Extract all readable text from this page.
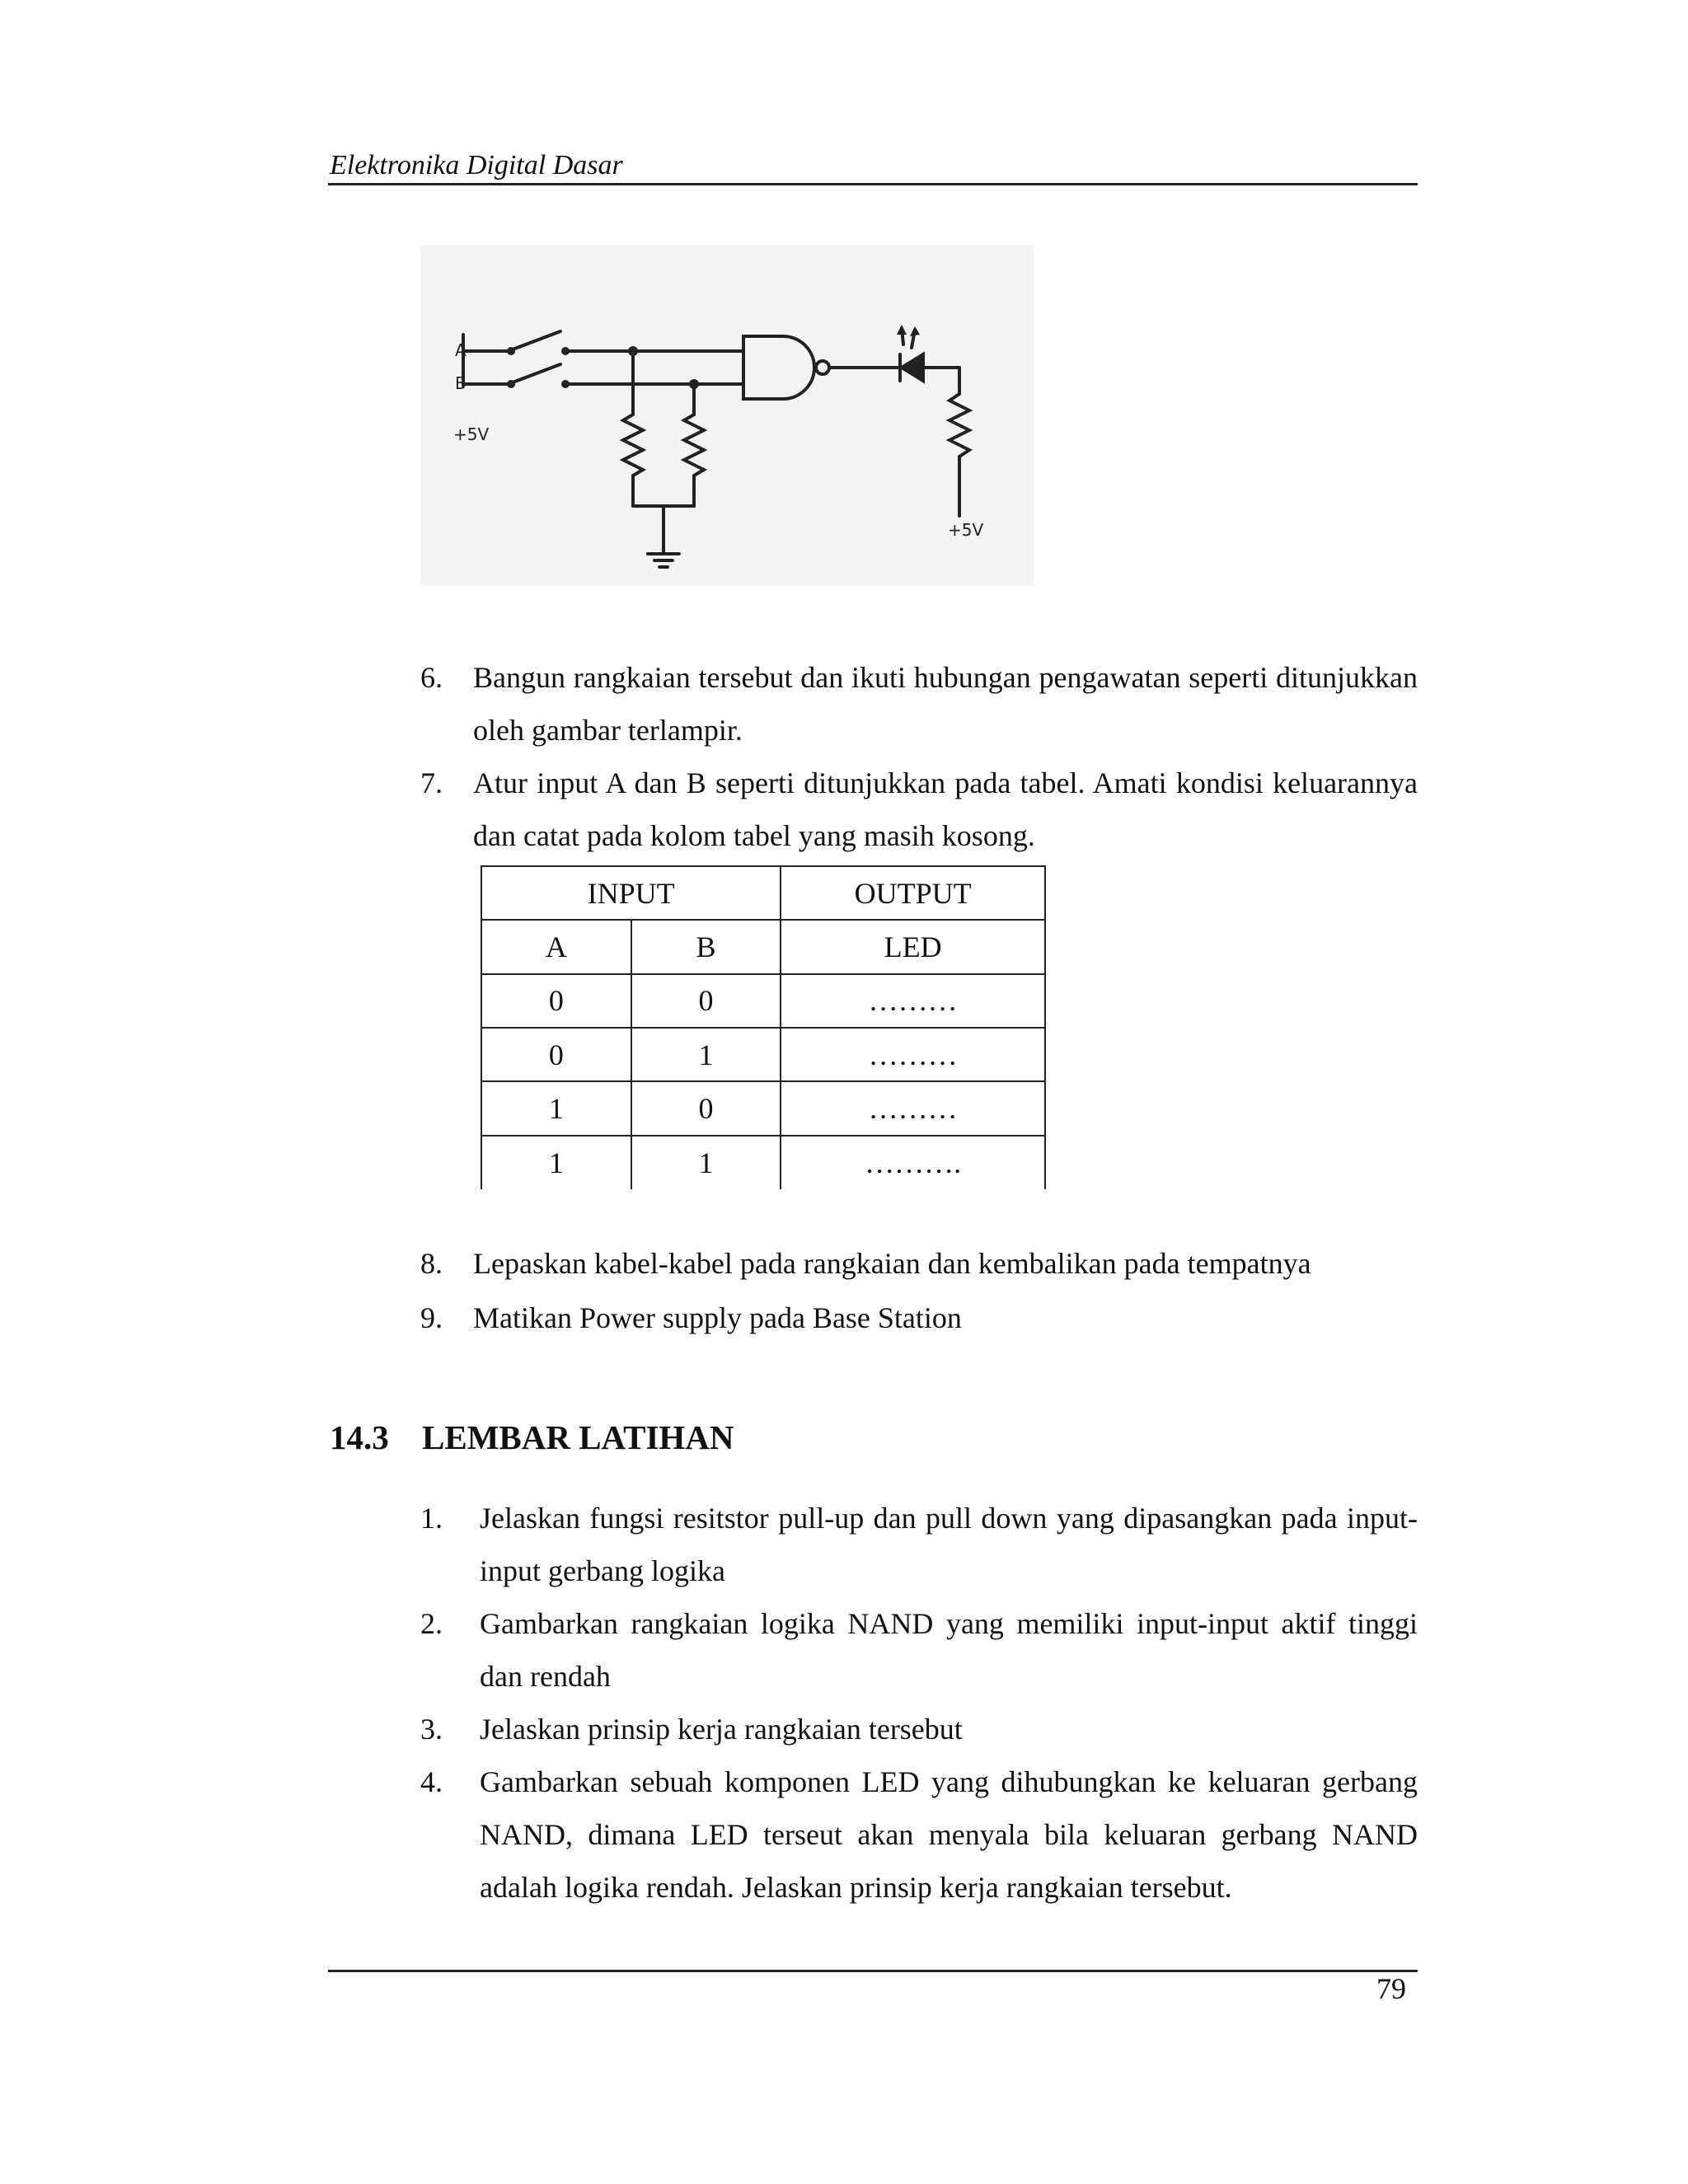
Elektronika Digital Dasar
A
B
+5V
+5V
6. Bangun rangkaian tersebut dan ikuti hubungan pengawatan seperti ditunjukkan oleh gambar terlampir.
7. Atur input A dan B seperti ditunjukkan pada tabel. Amati kondisi keluarannya dan catat pada kolom tabel yang masih kosong.
INPUT		OUTPUT
A	B	LED
0	0	………
0	1	………
1	0	………
1	1	……….
8. Lepaskan kabel-kabel pada rangkaian dan kembalikan pada tempatnya
9. Matikan Power supply pada Base Station
14.3 LEMBAR LATIHAN
1. Jelaskan fungsi resitstor pull-up dan pull down yang dipasangkan pada input-input gerbang logika
2. Gambarkan rangkaian logika NAND yang memiliki input-input aktif tinggi dan rendah
3. Jelaskan prinsip kerja rangkaian tersebut
4. Gambarkan sebuah komponen LED yang dihubungkan ke keluaran gerbang NAND, dimana LED terseut akan menyala bila keluaran gerbang NAND adalah logika rendah. Jelaskan prinsip kerja rangkaian tersebut.
79
